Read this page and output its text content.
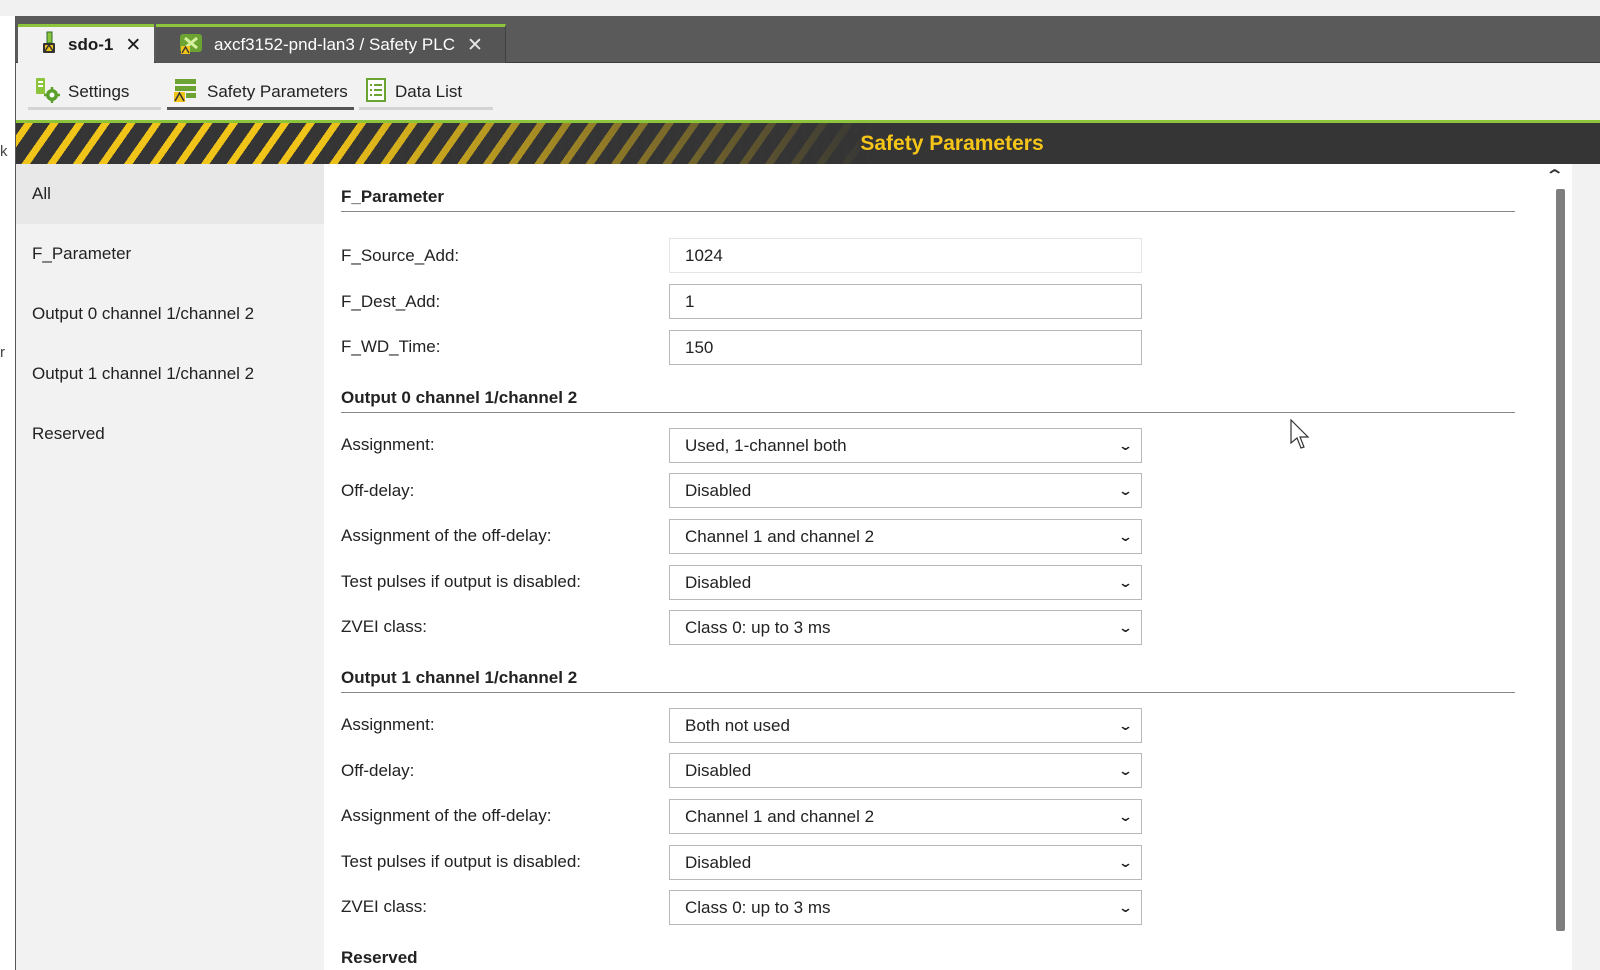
k
r
sdo-1 ✕	axcf3152-pnd-lan3 / Safety PLC ✕
Settings	Safety Parameters	Data List
Safety Parameters
All
F_Parameter
Output 0 channel 1/channel 2
Output 1 channel 1/channel 2
Reserved
F_Parameter
F_Source_Add:	1024
F_Dest_Add:	1
F_WD_Time:	150
Output 0 channel 1/channel 2
Assignment:	Used, 1-channel both	⌄
Off-delay:	Disabled	⌄
Assignment of the off-delay:	Channel 1 and channel 2	⌄
Test pulses if output is disabled:	Disabled	⌄
ZVEI class:	Class 0: up to 3 ms	⌄
Output 1 channel 1/channel 2
Assignment:	Both not used	⌄
Off-delay:	Disabled	⌄
Assignment of the off-delay:	Channel 1 and channel 2	⌄
Test pulses if output is disabled:	Disabled	⌄
ZVEI class:	Class 0: up to 3 ms	⌄
Reserved
⌃
